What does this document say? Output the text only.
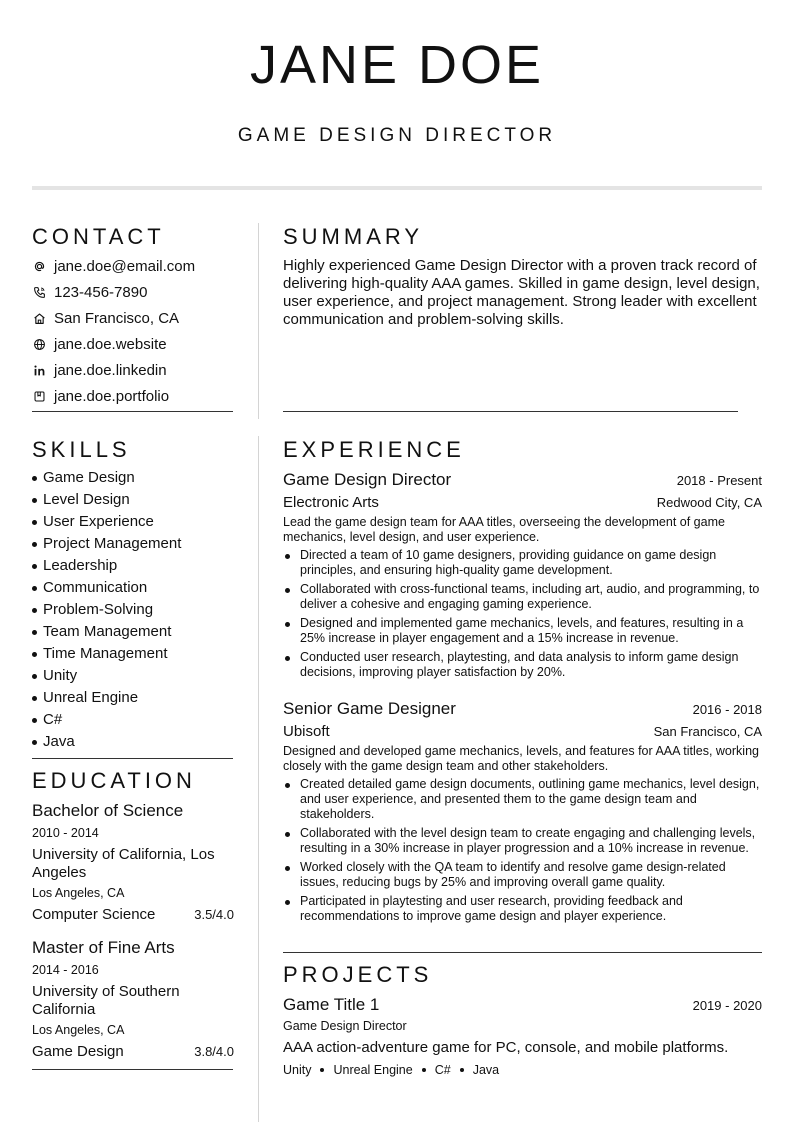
JANE DOE
GAME DESIGN DIRECTOR
CONTACT
jane.doe@email.com
123-456-7890
San Francisco, CA
jane.doe.website
jane.doe.linkedin
jane.doe.portfolio
SUMMARY
Highly experienced Game Design Director with a proven track record of delivering high-quality AAA games. Skilled in game design, level design, user experience, and project management. Strong leader with excellent communication and problem-solving skills.
SKILLS
Game Design
Level Design
User Experience
Project Management
Leadership
Communication
Problem-Solving
Team Management
Time Management
Unity
Unreal Engine
C#
Java
EDUCATION
Bachelor of Science
2010 - 2014
University of California, Los Angeles
Los Angeles, CA
Computer Science	3.5/4.0
Master of Fine Arts
2014 - 2016
University of Southern California
Los Angeles, CA
Game Design	3.8/4.0
EXPERIENCE
Game Design Director	2018 - Present
Electronic Arts	Redwood City, CA
Lead the game design team for AAA titles, overseeing the development of game mechanics, level design, and user experience.
Directed a team of 10 game designers, providing guidance on game design principles, and ensuring high-quality game development.
Collaborated with cross-functional teams, including art, audio, and programming, to deliver a cohesive and engaging gaming experience.
Designed and implemented game mechanics, levels, and features, resulting in a 25% increase in player engagement and a 15% increase in revenue.
Conducted user research, playtesting, and data analysis to inform game design decisions, improving player satisfaction by 20%.
Senior Game Designer	2016 - 2018
Ubisoft	San Francisco, CA
Designed and developed game mechanics, levels, and features for AAA titles, working closely with the game design team and other stakeholders.
Created detailed game design documents, outlining game mechanics, level design, and user experience, and presented them to the game design team and stakeholders.
Collaborated with the level design team to create engaging and challenging levels, resulting in a 30% increase in player progression and a 10% increase in revenue.
Worked closely with the QA team to identify and resolve game design-related issues, reducing bugs by 25% and improving overall game quality.
Participated in playtesting and user research, providing feedback and recommendations to improve game design and player experience.
PROJECTS
Game Title 1	2019 - 2020
Game Design Director
AAA action-adventure game for PC, console, and mobile platforms.
Unity Unreal Engine C# Java
